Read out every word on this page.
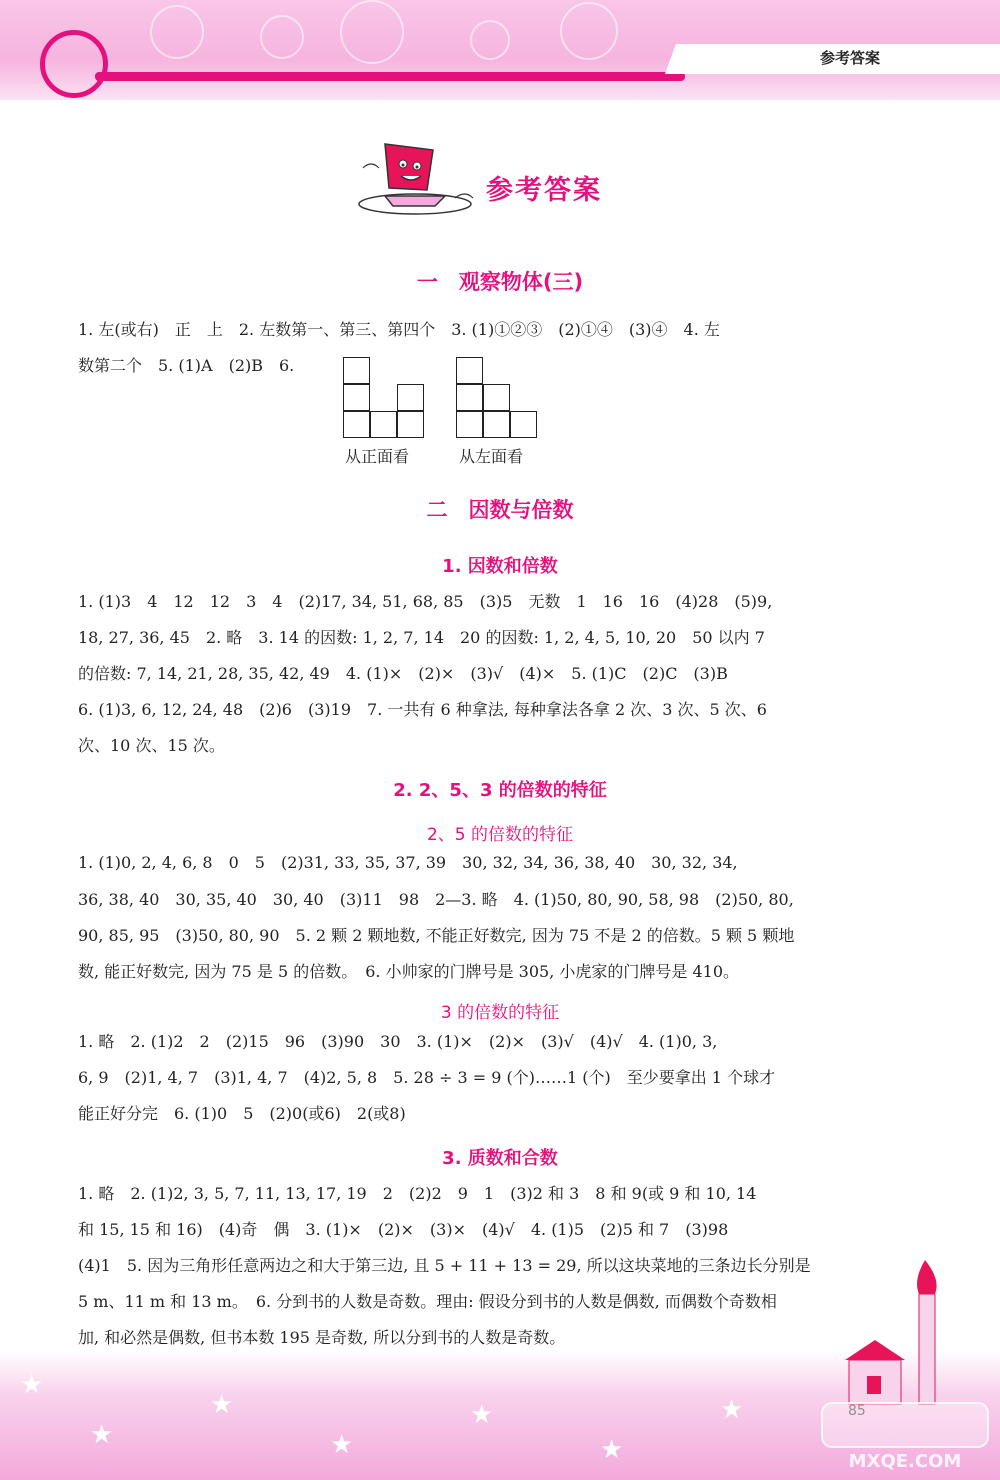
参考答案
参考答案
一　观察物体(三)
1. 左(或右)　正　上　2. 左数第一、第三、第四个　3. (1)①②③　(2)①④　(3)④　4. 左
数第二个　5. (1)A　(2)B　6.
从正面看	从左面看
二　因数与倍数
1. 因数和倍数
1. (1)3　4　12　12　3　4　(2)17, 34, 51, 68, 85　(3)5　无数　1　16　16　(4)28　(5)9,
18, 27, 36, 45　2. 略　3. 14 的因数: 1, 2, 7, 14　20 的因数: 1, 2, 4, 5, 10, 20　50 以内 7
的倍数: 7, 14, 21, 28, 35, 42, 49　4. (1)×　(2)×　(3)√　(4)×　5. (1)C　(2)C　(3)B
6. (1)3, 6, 12, 24, 48　(2)6　(3)19　7. 一共有 6 种拿法, 每种拿法各拿 2 次、3 次、5 次、6
次、10 次、15 次。
2. 2、5、3 的倍数的特征
2、5 的倍数的特征
1. (1)0, 2, 4, 6, 8　0　5　(2)31, 33, 35, 37, 39　30, 32, 34, 36, 38, 40　30, 32, 34,
36, 38, 40　30, 35, 40　30, 40　(3)11　98　2—3. 略　4. (1)50, 80, 90, 58, 98　(2)50, 80,
90, 85, 95　(3)50, 80, 90　5. 2 颗 2 颗地数, 不能正好数完, 因为 75 不是 2 的倍数。5 颗 5 颗地
数, 能正好数完, 因为 75 是 5 的倍数。　6. 小帅家的门牌号是 305, 小虎家的门牌号是 410。
3 的倍数的特征
1. 略　2. (1)2　2　(2)15　96　(3)90　30　3. (1)×　(2)×　(3)√　(4)√　4. (1)0, 3,
6, 9　(2)1, 4, 7　(3)1, 4, 7　(4)2, 5, 8　5. 28 ÷ 3 = 9 (个)……1 (个)　至少要拿出 1 个球才
能正好分完　6. (1)0　5　(2)0(或6)　2(或8)
3. 质数和合数
1. 略　2. (1)2, 3, 5, 7, 11, 13, 17, 19　2　(2)2　9　1　(3)2 和 3　8 和 9(或 9 和 10, 14
和 15, 15 和 16)　(4)奇　偶　3. (1)×　(2)×　(3)×　(4)√　4. (1)5　(2)5 和 7　(3)98
(4)1　5. 因为三角形任意两边之和大于第三边, 且 5 + 11 + 13 = 29, 所以这块菜地的三条边长分别是
5 m、11 m 和 13 m。　6. 分到书的人数是奇数。理由: 假设分到书的人数是偶数, 而偶数个奇数相
加, 和必然是偶数, 但书本数 195 是奇数, 所以分到书的人数是奇数。
★
★
★
★
★
★
★
MXQE.COM
